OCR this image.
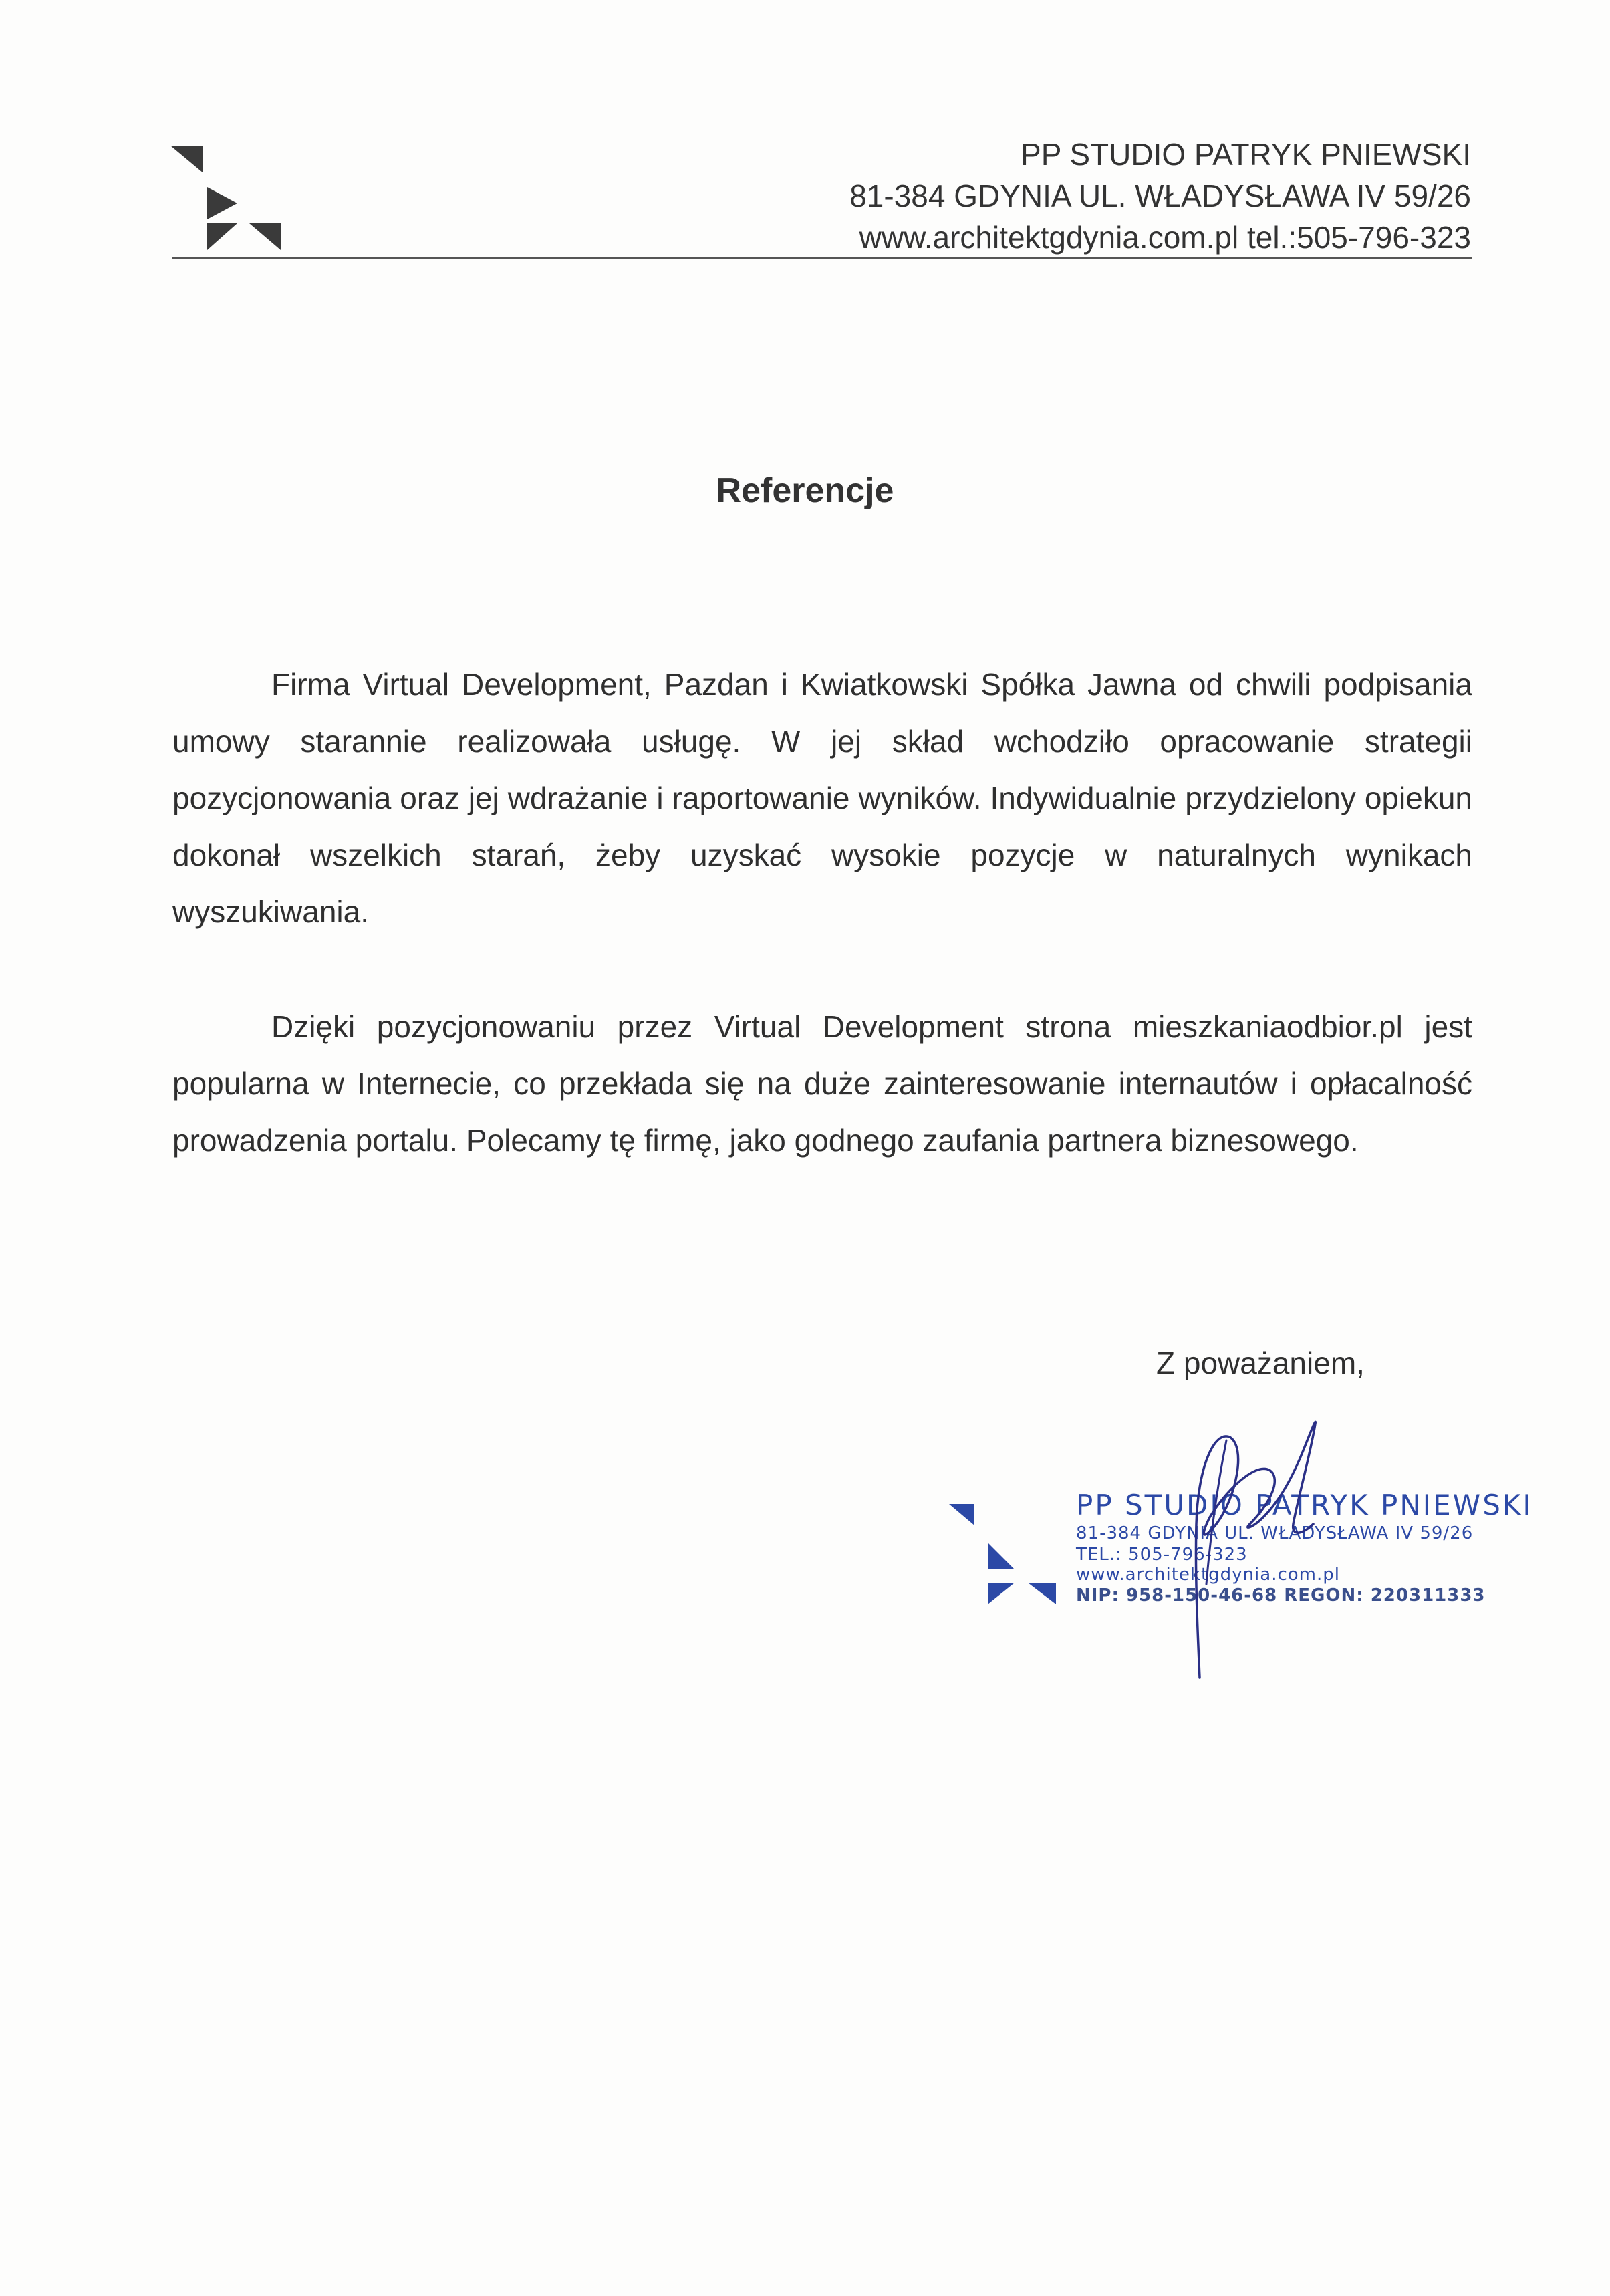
PP STUDIO PATRYK PNIEWSKI
81-384 GDYNIA UL. WŁADYSŁAWA IV 59/26
www.architektgdynia.com.pl tel.:505-796-323
Referencje

Firma Virtual Development, Pazdan i Kwiatkowski Spółka Jawna od chwili podpisania umowy starannie realizowała usługę. W jej skład wchodziło opracowanie strategii pozycjonowania oraz jej wdrażanie i raportowanie wyników. Indywidualnie przydzielony opiekun dokonał wszelkich starań, żeby uzyskać wysokie pozycje w naturalnych wynikach wyszukiwania.

Dzięki pozycjonowaniu przez Virtual Development strona mieszkaniaodbior.pl jest popularna w Internecie, co przekłada się na duże zainteresowanie internautów i opłacalność prowadzenia portalu. Polecamy tę firmę, jako godnego zaufania partnera biznesowego.

Z poważaniem,
PP STUDIO PATRYK PNIEWSKI
81-384 GDYNIA UL. WŁADYSŁAWA IV 59/26
TEL.: 505-796-323
www.architektgdynia.com.pl
NIP: 958-150-46-68 REGON: 220311333
